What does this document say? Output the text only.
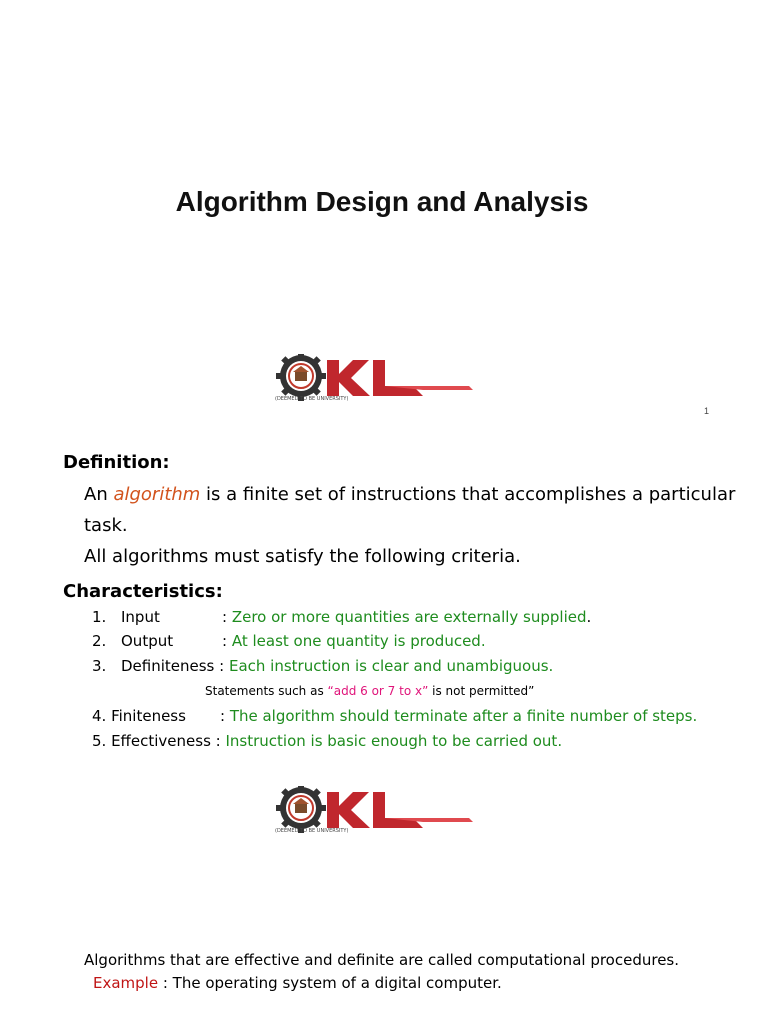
Algorithm Design and Analysis
(DEEMED TO BE UNIVERSITY)
1
Definition:
An algorithm is a finite set of instructions that accomplishes a particular
task.
All algorithms must satisfy the following criteria.
Characteristics:
1. Input	: Zero or more quantities are externally supplied.
2. Output	: At least one quantity is produced.
3. Definiteness : Each instruction is clear and unambiguous.
Statements such as “add 6 or 7 to x” is not permitted”
4. Finiteness : The algorithm should terminate after a finite number of steps.
5. Effectiveness : Instruction is basic enough to be carried out.
(DEEMED TO BE UNIVERSITY)
Algorithms that are effective and definite are called computational procedures.
Example : The operating system of a digital computer.
